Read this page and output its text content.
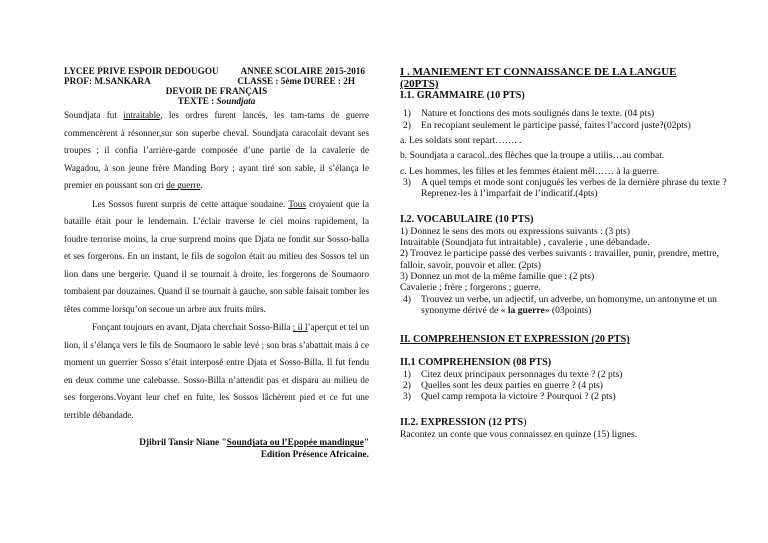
LYCEE PRIVE ESPOIR DEDOUGOU ANNEE SCOLAIRE 2015-2016
PROF: M.SANKARA	CLASSE : 5ème DUREE : 2H
DEVOIR DE FRANÇAIS
TEXTE : Soundjata

Soundjata fut intraitable, les ordres furent lancés, les tam-tams de guerre commencèrent à résonner,sur son superbe cheval. Soundjata caracolait devant ses troupes ; il confia l’arrière-garde composée d’une partie de la cavalerie de Wagadou, à son jeune frère Manding Bory ; ayant tiré son sable, il s’élança le premier en poussant son cri de guerre.

Les Sossos furent surpris de cette attaque soudaine. Tous croyaient que la bataille était pour le lendemain. L’éclair traverse le ciel moins rapidement, la foudre terrorise moins, la crue surprend moins que Djata ne fondit sur Sosso-balla et ses forgerons. En un instant, le fils de sogolon était au milieu des Sossos tel un lion dans une bergerie. Quand il se tournait à droite, les forgerons de Soumaoro tombaient par douzaines. Quand il se tournait à gauche, son sable faisait tomber les têtes comme lorsqu’on secoue un arbre aux fruits mûrs.

Fonçant toujours en avant, Djata cherchait Sosso-Billa ; il l’aperçut et tel un lion, il s’élança vers le fils de Soumaoro le sable levé ; son bras s’abattait mais à ce moment un guerrier Sosso s’était interposé entre Djata et Sosso-Billa. Il fut fendu en deux comme une calebasse. Sosso-Billa n’attendit pas et disparu au milieu de ses forgerons.Voyant leur chef en fuite, les Sossos lâchèrent pied et ce fut une terrible débandade.

Djibril Tansir Niane "Soundjata ou l’Epopée mandingue"
Edition Présence Africaine.
I . MANIEMENT ET CONNAISSANCE DE LA LANGUE
(20PTS)
I.1. GRAMMAIRE (10 PTS)
1)	Nature et fonctions des mots soulignés dans le texte. (04 pts)
2)	En recopiant seulement le participe passé, faites l’accord juste?(02pts)
a. Les soldats sont repart……. .
b. Soundjata a caracol..des flèches que la troupe a utilis…au combat.
c. Les hommes, les filles et les femmes étaient mêl…… à la guerre.
3)	A quel temps et mode sont conjugués les verbes de la dernière phrase du texte ? Reprenez-les à l’imparfait de l’indicatif.(4pts)
I.2. VOCABULAIRE (10 PTS)
1) Donnez le sens des mots ou expressions suivants : (3 pts)
Intraitable (Soundjata fut intraitable) , cavalerie , une débandade.
2) Trouvez le participe passé des verbes suivants : travailler, punir, prendre, mettre, falloir, savoir, pouvoir et aller. (2pts)
3) Donnez un mot de la même famille que : (2 pts)
Cavalerie ; frère ; forgerons ; guerre.
4)	Trouvez un verbe, un adjectif, un adverbe, un homonyme, un antonyme et un synonyme dérivé de « la guerre» (03points)
II. COMPREHENSION ET EXPRESSION (20 PTS)
II.1 COMPREHENSION (08 PTS)
1)	Citez deux principaux personnages du texte ? (2 pts)
2)	Quelles sont les deux parties en guerre ? (4 pts)
3)	Quel camp rempota la victoire ? Pourquoi ? (2 pts)
II.2. EXPRESSION (12 PTS)
Racontez un conte que vous connaissez en quinze (15) lignes.
